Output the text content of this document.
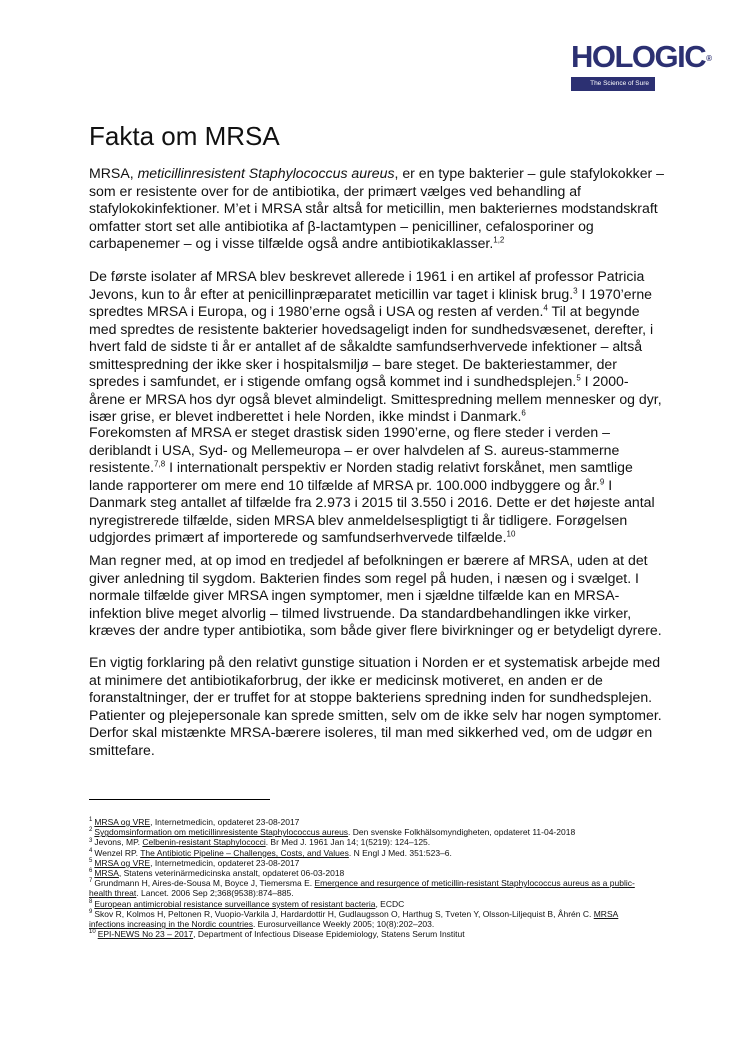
HOLOGIC ®
The Science of Sure
Fakta om MRSA

MRSA, meticillinresistent Staphylococcus aureus, er en type bakterier – gule stafylokokker – som er resistente over for de antibiotika, der primært vælges ved behandling af stafylokokinfektioner. M’et i MRSA står altså for meticillin, men bakteriernes modstandskraft omfatter stort set alle antibiotika af β-lactamtypen – penicilliner, cefalosporiner og carbapenemer – og i visse tilfælde også andre antibiotikaklasser.$^{1,2}$

De første isolater af MRSA blev beskrevet allerede i 1961 i en artikel af professor Patricia Jevons, kun to år efter at penicillinpræparatet meticillin var taget i klinisk brug.$^3$ I 1970’erne spredtes MRSA i Europa, og i 1980’erne også i USA og resten af verden.$^4$ Til at begynde med spredtes de resistente bakterier hovedsageligt inden for sundhedsvæsenet, derefter, i hvert fald de sidste ti år er antallet af de såkaldte samfundserhvervede infektioner – altså smittespredning der ikke sker i hospitalsmiljø – bare steget. De bakteriestammer, der spredes i samfundet, er i stigende omfang også kommet ind i sundhedsplejen.$^5$ I 2000-årene er MRSA hos dyr også blevet almindeligt. Smittespredning mellem mennesker og dyr, især grise, er blevet indberettet i hele Norden, ikke mindst i Danmark.$^6$

Forekomsten af MRSA er steget drastisk siden 1990’erne, og flere steder i verden – deriblandt i USA, Syd- og Mellemeuropa – er over halvdelen af S. aureus-stammerne resistente.$^{7,8}$ I internationalt perspektiv er Norden stadig relativt forskånet, men samtlige lande rapporterer om mere end 10 tilfælde af MRSA pr. 100.000 indbyggere og år.$^9$ I Danmark steg antallet af tilfælde fra 2.973 i 2015 til 3.550 i 2016. Dette er det højeste antal nyregistrerede tilfælde, siden MRSA blev anmeldelsespligtigt ti år tidligere. Forøgelsen udgjordes primært af importerede og samfundserhvervede tilfælde.$^{10}$

Man regner med, at op imod en tredjedel af befolkningen er bærere af MRSA, uden at det giver anledning til sygdom. Bakterien findes som regel på huden, i næsen og i svælget. I normale tilfælde giver MRSA ingen symptomer, men i sjældne tilfælde kan en MRSA-infektion blive meget alvorlig – tilmed livstruende. Da standardbehandlingen ikke virker, kræves der andre typer antibiotika, som både giver flere bivirkninger og er betydeligt dyrere.

En vigtig forklaring på den relativt gunstige situation i Norden er et systematisk arbejde med at minimere det antibiotikaforbrug, der ikke er medicinsk motiveret, en anden er de foranstaltninger, der er truffet for at stoppe bakteriens spredning inden for sundhedsplejen. Patienter og plejepersonale kan sprede smitten, selv om de ikke selv har nogen symptomer. Derfor skal mistænkte MRSA-bærere isoleres, til man med sikkerhed ved, om de udgør en smittefare.

$^1$ MRSA og VRE, Internetmedicin, opdateret 23-08-2017

$^2$ Sygdomsinformation om meticillinresistente Staphylococcus aureus. Den svenske Folkhälsomyndigheten, opdateret 11-04-2018

$^3$ Jevons, MP. Celbenin-resistant Staphylococci. Br Med J. 1961 Jan 14; 1(5219): 124–125.

$^4$ Wenzel RP. The Antibiotic Pipeline – Challenges, Costs, and Values. N Engl J Med. 351:523–6.

$^5$ MRSA og VRE, Internetmedicin, opdateret 23-08-2017

$^6$ MRSA, Statens veterinärmedicinska anstalt, opdateret 06-03-2018

$^7$ Grundmann H, Aires-de-Sousa M, Boyce J, Tiemersma E. Emergence and resurgence of meticillin-resistant Staphylococcus aureus as a public-health threat. Lancet. 2006 Sep 2;368(9538):874–885.

$^8$ European antimicrobial resistance surveillance system of resistant bacteria, ECDC

$^9$ Skov R, Kolmos H, Peltonen R, Vuopio-Varkila J, Hardardottir H, Gudlaugsson O, Harthug S, Tveten Y, Olsson-Liljequist B, Åhrén C. MRSA infections increasing in the Nordic countries. Eurosurveillance Weekly 2005; 10(8):202–203.

$^{10}$ EPI-NEWS No 23 – 2017, Department of Infectious Disease Epidemiology, Statens Serum Institut
